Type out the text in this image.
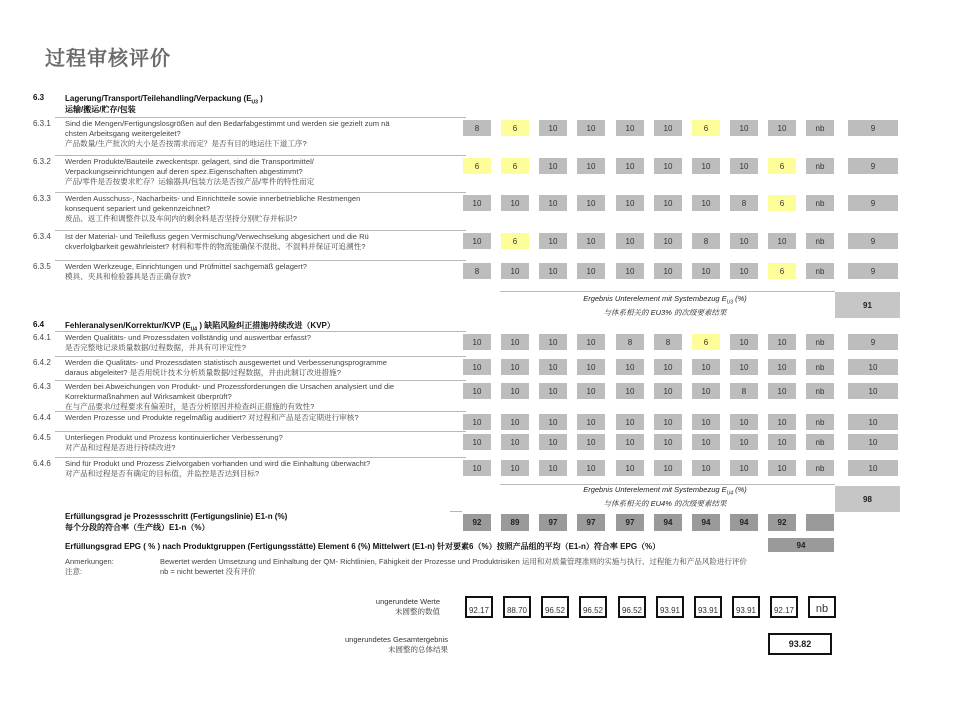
过程审核评价
6.3	Lagerung/Transport/Teilehandling/Verpackung ($E_{U3}$ )
运输/搬运/贮存/包装
6.3.1 Sind die Mengen/Fertigungslosgrößen auf den Bedarfabgestimmt und werden sie gezielt zum nä
chsten Arbeitsgang weitergeleitet?
产品数量/生产批次的大小是否按需求而定？是否有目的地运往下道工序?
8	6	10	10	10	10	6	10	10	nb	9
6.3.2 Werden Produkte/Bauteile zweckentspr. gelagert, sind die Transportmittel/
Verpackungseinrichtungen auf deren spez.Eigenschaften abgestimmt?
产品/零件是否按要求贮存？运输器具/包装方法是否按产品/零件的特性而定
6	6	10	10	10	10	10	10	6	nb	9
6.3.3 Werden Ausschuss-, Nacharbeits- und Einrichtteile sowie innerbetriebliche Restmengen
konsequent separiert und gekennzeichnet?
废品、返工件和调整件以及车间内的剩余料是否坚持分别贮存并标识?
10	10	10	10	10	10	10	8	6	nb	9
6.3.4 Ist der Material- und Teilefluss gegen Vermischung/Verwechselung abgesichert und die Rü
ckverfolgbarkeit gewährleistet? 材料和零件的物流能确保不混批、不混料并保证可追溯性?
10	6	10	10	10	10	8	10	10	nb	9
6.3.5 Werden Werkzeuge, Einrichtungen und Prüfmittel sachgemäß gelagert?
模具、夹具和检验器具是否正确存放?
8	10	10	10	10	10	10	10	6	nb	9
Ergebnis Unterelement mit Systembezug $E_{U3}$ (%)
与体系相关的 EU3% 的次级要素结果
91
6.4	Fehleranalysen/Korrektur/KVP ($E_{U4}$ ) 缺陷风险纠正措施/持续改进（KVP）
6.4.1 Werden Qualitäts- und Prozessdaten vollständig und auswertbar erfasst?
是否完整地记录质量数据/过程数据，并具有可评定性?
10	10	10	10	8	8	6	10	10	nb	9
6.4.2 Werden die Qualitäts- und Prozessdaten statistisch ausgewertet und Verbesserungsprogramme
daraus abgeleitet? 是否用统计技术分析质量数据/过程数据，并由此制订改进措施?
10	10	10	10	10	10	10	10	10	nb	10
6.4.3 Werden bei Abweichungen von Produkt- und Prozessforderungen die Ursachen analysiert und die
Korrekturmaßnahmen auf Wirksamkeit überprüft?
在与产品要求/过程要求有偏差时，是否分析原因并检查纠正措施的有效性?
10	10	10	10	10	10	10	8	10	nb	10
6.4.4 Werden Prozesse und Produkte regelmäßig auditiert? 对过程和产品是否定期进行审核?	10	10	10	10	10	10	10	10	10	nb	10
6.4.5 Unterliegen Produkt und Prozess kontinuierlicher Verbesserung?
对产品和过程是否进行持续改进?
10	10	10	10	10	10	10	10	10	nb	10
6.4.6 Sind für Produkt und Prozess Zielvorgaben vorhanden und wird die Einhaltung überwacht?
对产品和过程是否有确定的目标值，并监控是否达到目标?
10	10	10	10	10	10	10	10	10	nb	10
Ergebnis Unterelement mit Systembezug $E_{U4}$ (%)
与体系相关的 EU4% 的次级要素结果	98
Erfüllungsgrad je Prozessschritt (Fertigungslinie) E1-n (%)
每个分段的符合率（生产线）E1-n（%）
92	89	97	97	97	94	94	94	92
Erfüllungsgrad EPG ( % ) nach Produktgruppen (Fertigungsstätte) Element 6 (%) Mittelwert (E1-n) 针对要素6（%）按照产品组的平均（E1-n）符合率 EPG（%）	94
Anmerkungen:
注意:
Bewertet werden Umsetzung und Einhaltung der QM- Richtlinien, Fähigkeit der Prozesse und Produktrisiken 运用和对质量管理准则的实施与执行、过程能力和产品风险进行评价
nb = nicht bewertet 没有评价
ungerundete Werte
未圆整的数值	92.17	88.70	96.52	96.52	96.52	93.91	93.91	93.91	92.17	nb
ungerundetes Gesamtergebnis
未圆整的总体结果
93.82
